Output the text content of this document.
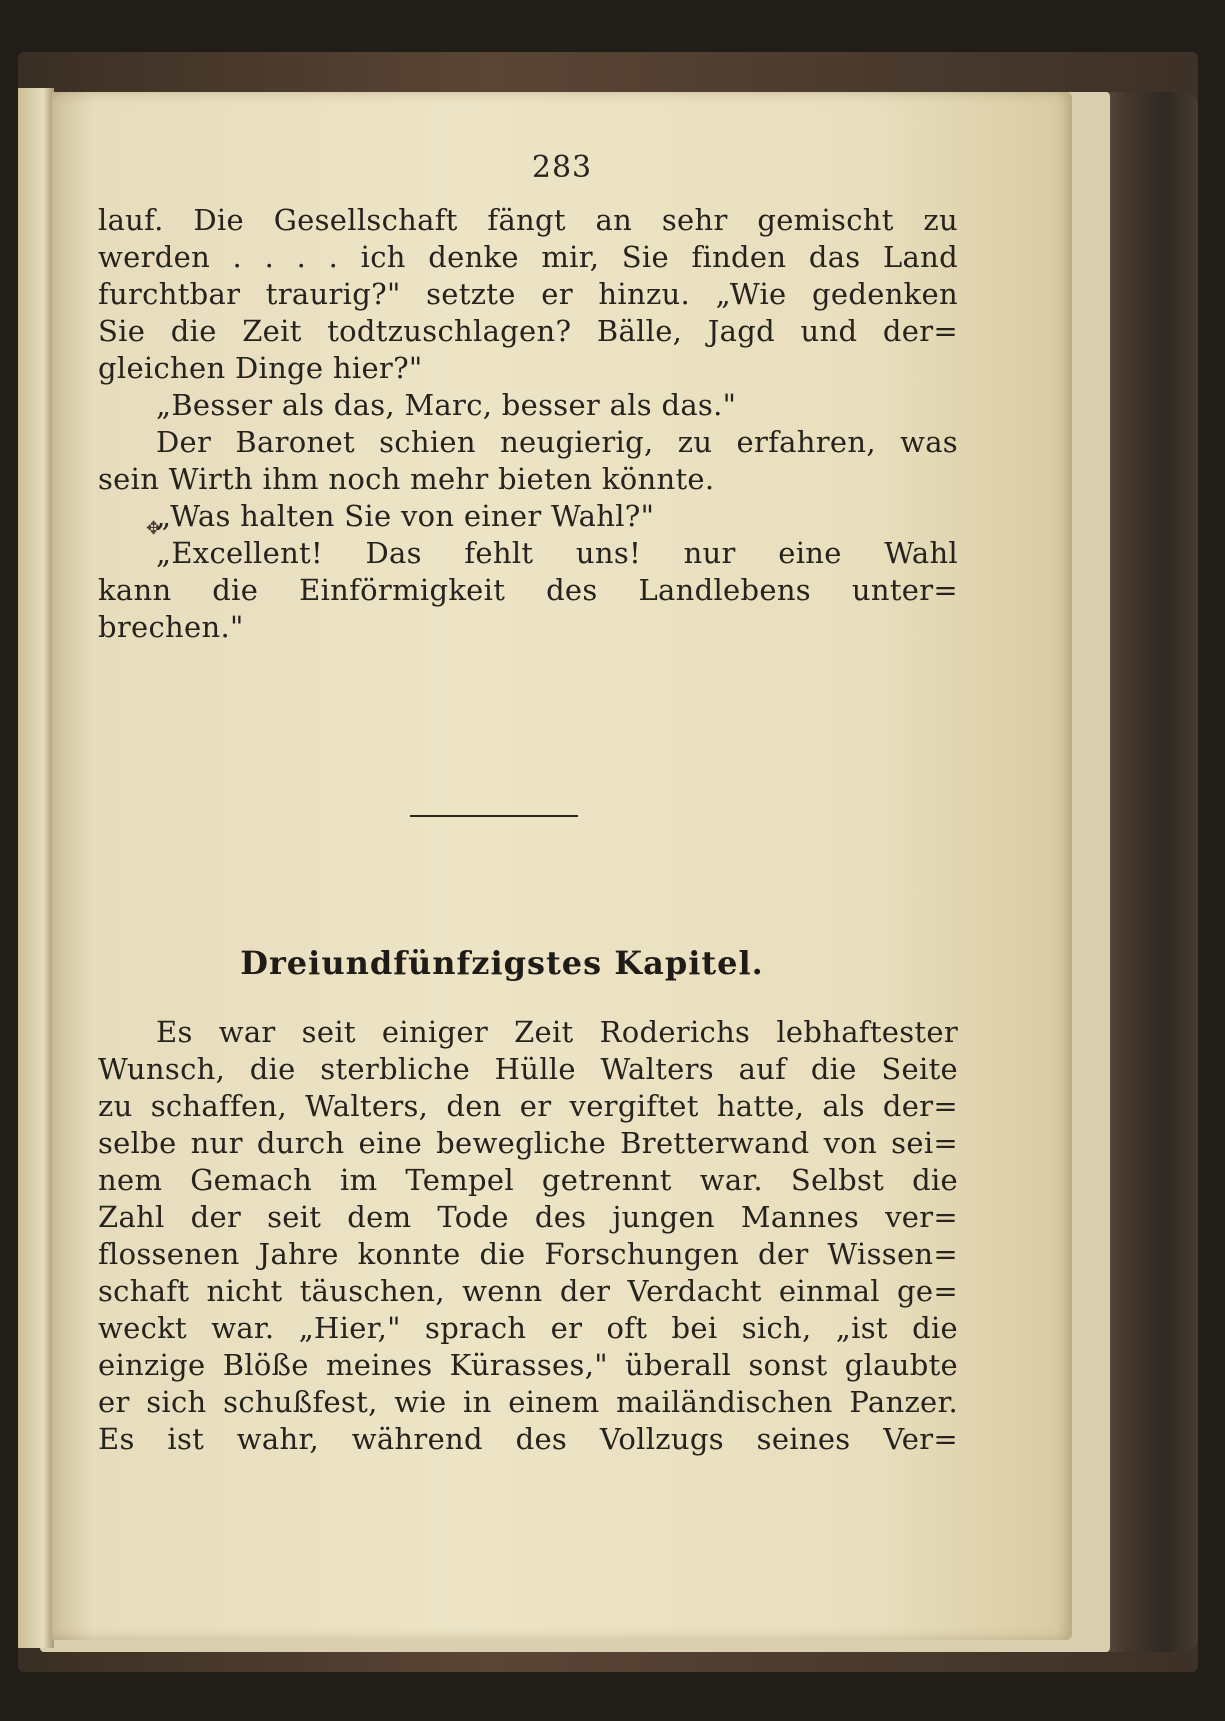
283
✥
lauf. Die Gesellschaft fängt an sehr gemischt zu
werden . . . . ich denke mir, Sie finden das Land
furchtbar traurig?" setzte er hinzu. „Wie gedenken
Sie die Zeit todtzuschlagen? Bälle, Jagd und der=
gleichen Dinge hier?"
„Besser als das, Marc, besser als das."
Der Baronet schien neugierig, zu erfahren, was
sein Wirth ihm noch mehr bieten könnte.
„Was halten Sie von einer Wahl?"
„Excellent! Das fehlt uns! nur eine Wahl
kann die Einförmigkeit des Landlebens unter=
brechen."
Dreiundfünfzigstes Kapitel.
Es war seit einiger Zeit Roderichs lebhaftester
Wunsch, die sterbliche Hülle Walters auf die Seite
zu schaffen, Walters, den er vergiftet hatte, als der=
selbe nur durch eine bewegliche Bretterwand von sei=
nem Gemach im Tempel getrennt war. Selbst die
Zahl der seit dem Tode des jungen Mannes ver=
flossenen Jahre konnte die Forschungen der Wissen=
schaft nicht täuschen, wenn der Verdacht einmal ge=
weckt war. „Hier," sprach er oft bei sich, „ist die
einzige Blöße meines Kürasses," überall sonst glaubte
er sich schußfest, wie in einem mailändischen Panzer.
Es ist wahr, während des Vollzugs seines Ver=
